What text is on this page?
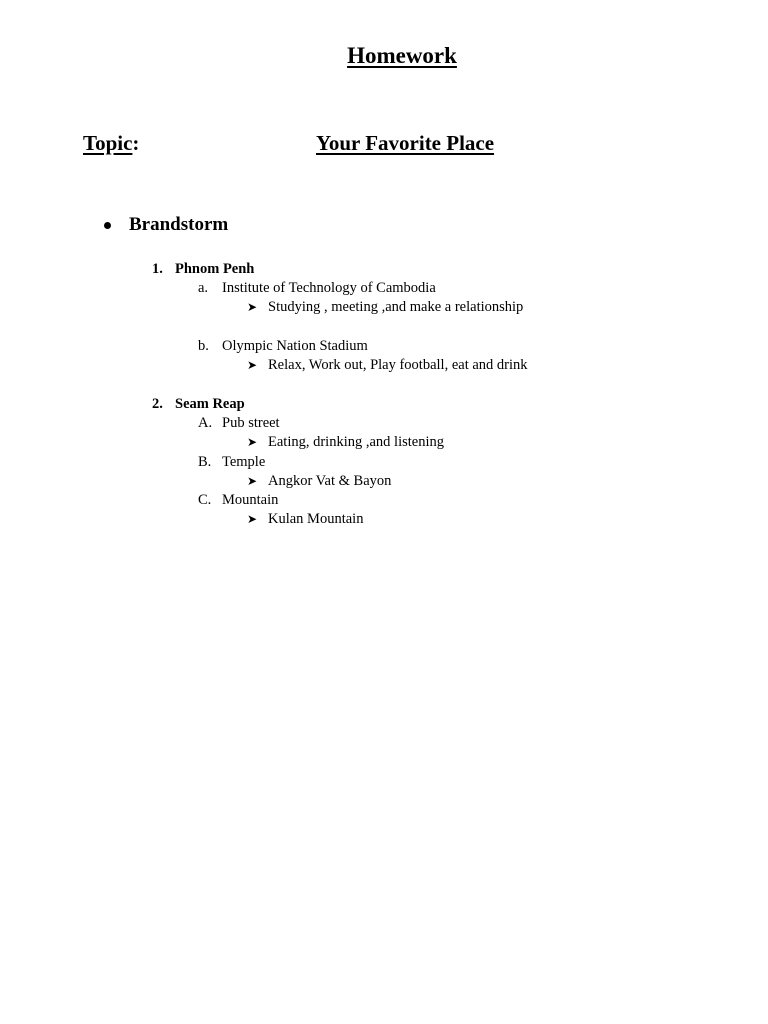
Homework
Topic:	Your Favorite Place
Brandstorm
1. Phnom Penh
a. Institute of Technology of Cambodia
➤ Studying , meeting ,and make a relationship
b. Olympic Nation Stadium
➤ Relax, Work out, Play football, eat and drink
2. Seam Reap
A. Pub street
➤ Eating, drinking ,and listening
B. Temple
➤ Angkor Vat & Bayon
C. Mountain
➤ Kulan Mountain
